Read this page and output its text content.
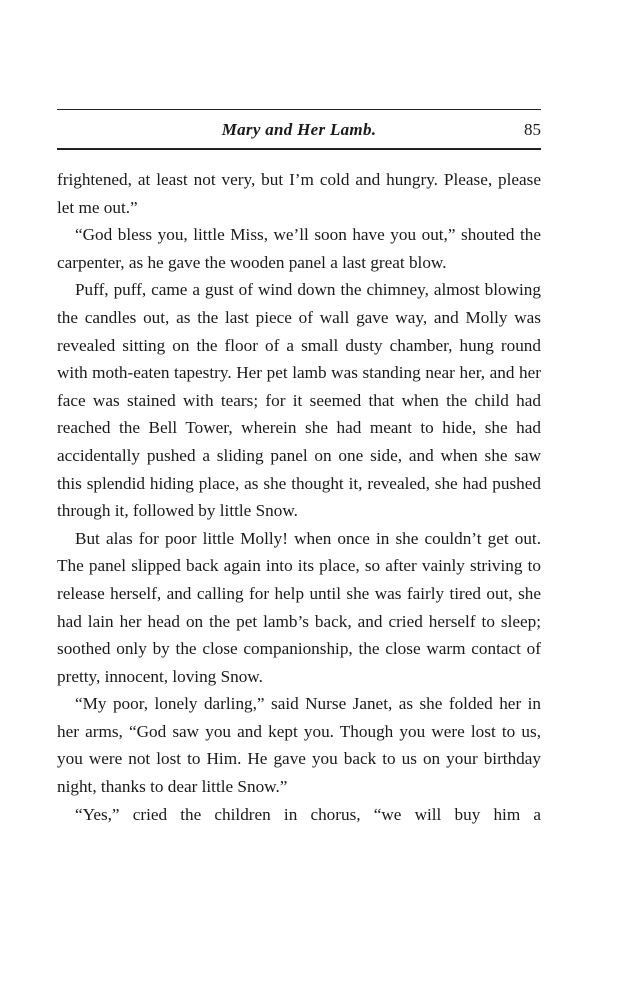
Mary and Her Lamb.	85

frightened, at least not very, but I’m cold and hungry. Please, please let me out.”

“God bless you, little Miss, we’ll soon have you out,” shouted the carpenter, as he gave the wooden panel a last great blow.

Puff, puff, came a gust of wind down the chimney, almost blowing the candles out, as the last piece of wall gave way, and Molly was revealed sitting on the floor of a small dusty chamber, hung round with moth-eaten tapestry. Her pet lamb was standing near her, and her face was stained with tears; for it seemed that when the child had reached the Bell Tower, wherein she had meant to hide, she had accidentally pushed a sliding panel on one side, and when she saw this splendid hiding place, as she thought it, revealed, she had pushed through it, followed by little Snow.

But alas for poor little Molly! when once in she couldn’t get out. The panel slipped back again into its place, so after vainly striving to release herself, and calling for help until she was fairly tired out, she had lain her head on the pet lamb’s back, and cried herself to sleep; soothed only by the close companionship, the close warm contact of pretty, innocent, loving Snow.

“My poor, lonely darling,” said Nurse Janet, as she folded her in her arms, “God saw you and kept you. Though you were lost to us, you were not lost to Him. He gave you back to us on your birthday night, thanks to dear little Snow.”

“Yes,” cried the children in chorus, “we will buy him a
